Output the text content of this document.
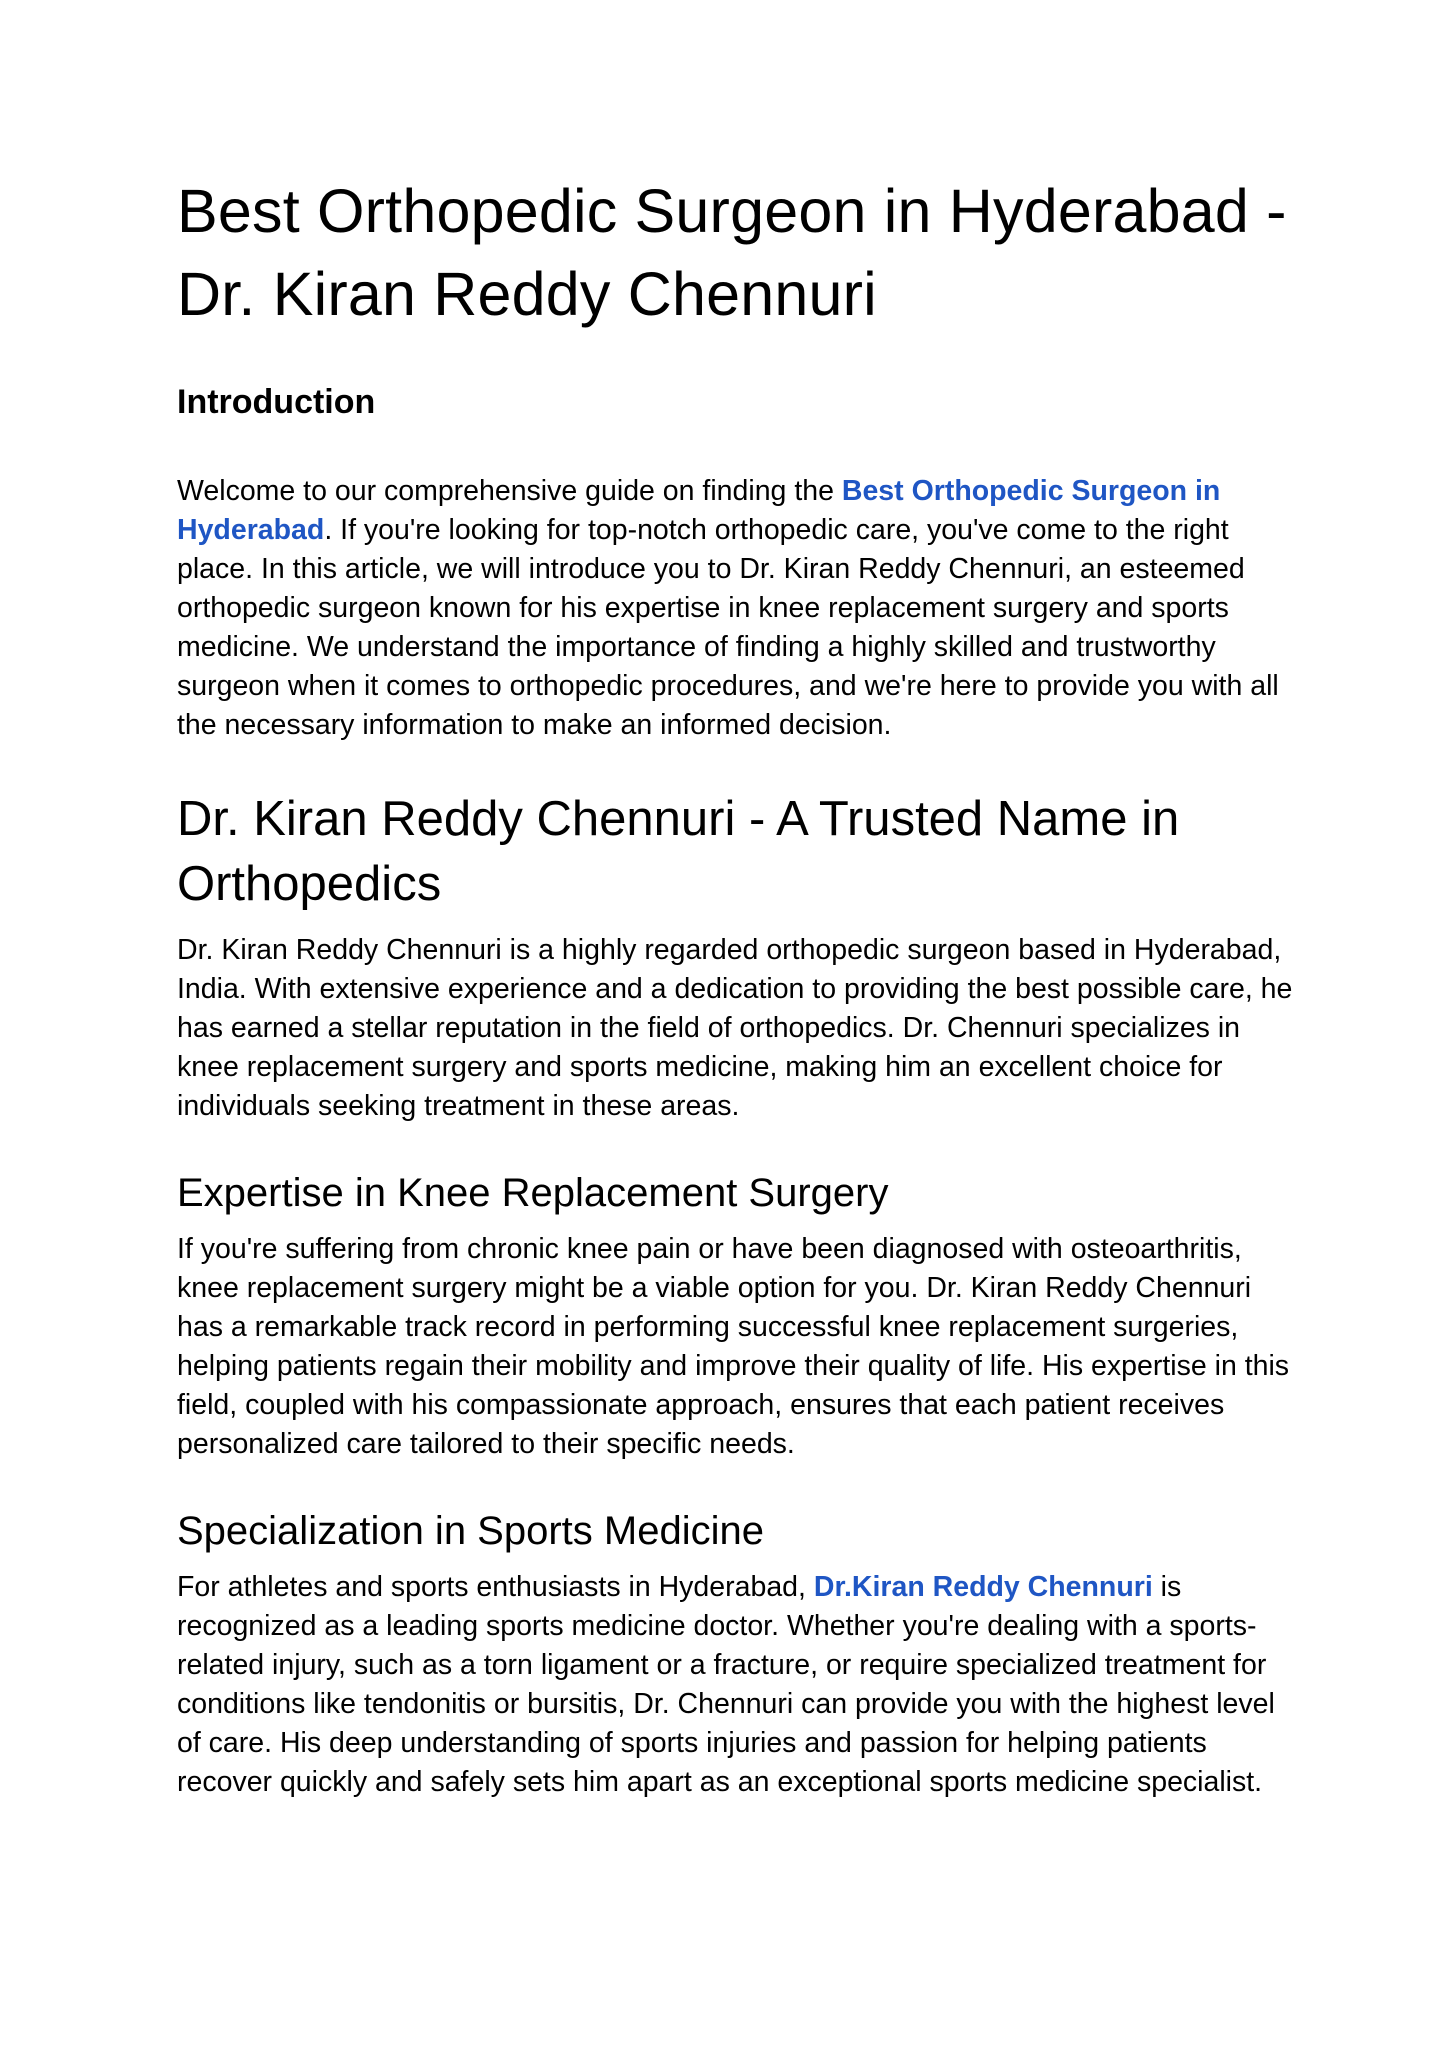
Best Orthopedic Surgeon in Hyderabad - Dr. Kiran Reddy Chennuri
Introduction

Welcome to our comprehensive guide on finding the Best Orthopedic Surgeon in Hyderabad. If you're looking for top-notch orthopedic care, you've come to the right place. In this article, we will introduce you to Dr. Kiran Reddy Chennuri, an esteemed orthopedic surgeon known for his expertise in knee replacement surgery and sports medicine. We understand the importance of finding a highly skilled and trustworthy surgeon when it comes to orthopedic procedures, and we're here to provide you with all the necessary information to make an informed decision.

Dr. Kiran Reddy Chennuri - A Trusted Name in Orthopedics

Dr. Kiran Reddy Chennuri is a highly regarded orthopedic surgeon based in Hyderabad, India. With extensive experience and a dedication to providing the best possible care, he has earned a stellar reputation in the field of orthopedics. Dr. Chennuri specializes in knee replacement surgery and sports medicine, making him an excellent choice for individuals seeking treatment in these areas.

Expertise in Knee Replacement Surgery

If you're suffering from chronic knee pain or have been diagnosed with osteoarthritis, knee replacement surgery might be a viable option for you. Dr. Kiran Reddy Chennuri has a remarkable track record in performing successful knee replacement surgeries, helping patients regain their mobility and improve their quality of life. His expertise in this field, coupled with his compassionate approach, ensures that each patient receives personalized care tailored to their specific needs.

Specialization in Sports Medicine

For athletes and sports enthusiasts in Hyderabad, Dr.Kiran Reddy Chennuri is recognized as a leading sports medicine doctor. Whether you're dealing with a sports-related injury, such as a torn ligament or a fracture, or require specialized treatment for conditions like tendonitis or bursitis, Dr. Chennuri can provide you with the highest level of care. His deep understanding of sports injuries and passion for helping patients recover quickly and safely sets him apart as an exceptional sports medicine specialist.
